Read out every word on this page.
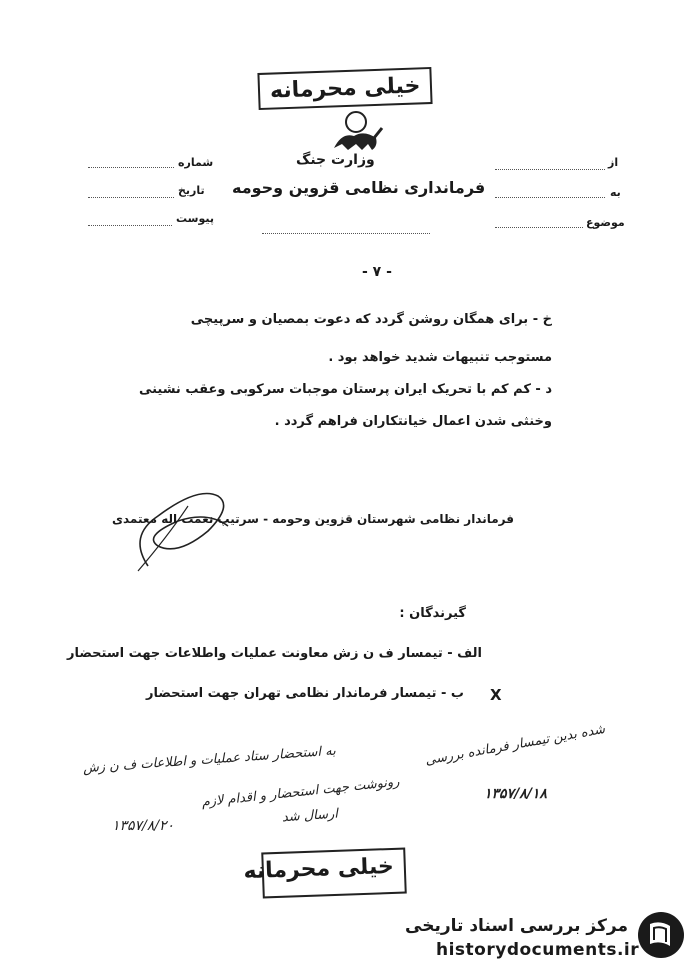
خیلی محرمانه
وزارت جنگ
فرمانداری نظامی قزوین وحومه
از
به
موضوع
شماره
تاریخ
پیوست
- ۷ -
خ - برای همگان روشن گردد که دعوت بمصیان و سرپیچی
مستوجب تنبیهات شدید خواهد بود .
د - کم کم با تحریک ایران پرستان موجبات سرکوبی وعقب نشینی
وخنثی شدن اعمال خیانتکاران فراهم گردد .
فرماندار نظامی شهرستان قزوین وحومه - سرتیپ نعمت اله معتمدی
گیرندگان :
الف - تیمسار ف ن زش معاونت عملیات واطلاعات جهت استحضار
ب - تیمسار فرماندار نظامی تهران جهت استحضار X
شده بدین تیمسار فرمانده بررسی
۱۳۵۷/۸/۱۸
به استحضار ستاد عملیات و اطلاعات ف ن زش
رونوشت جهت استحضار و اقدام لازم
ارسال شد
۱۳۵۷/۸/۲۰
خیلی محرمانه
مرکز بررسی اسناد تاریخی
historydocuments.ir
